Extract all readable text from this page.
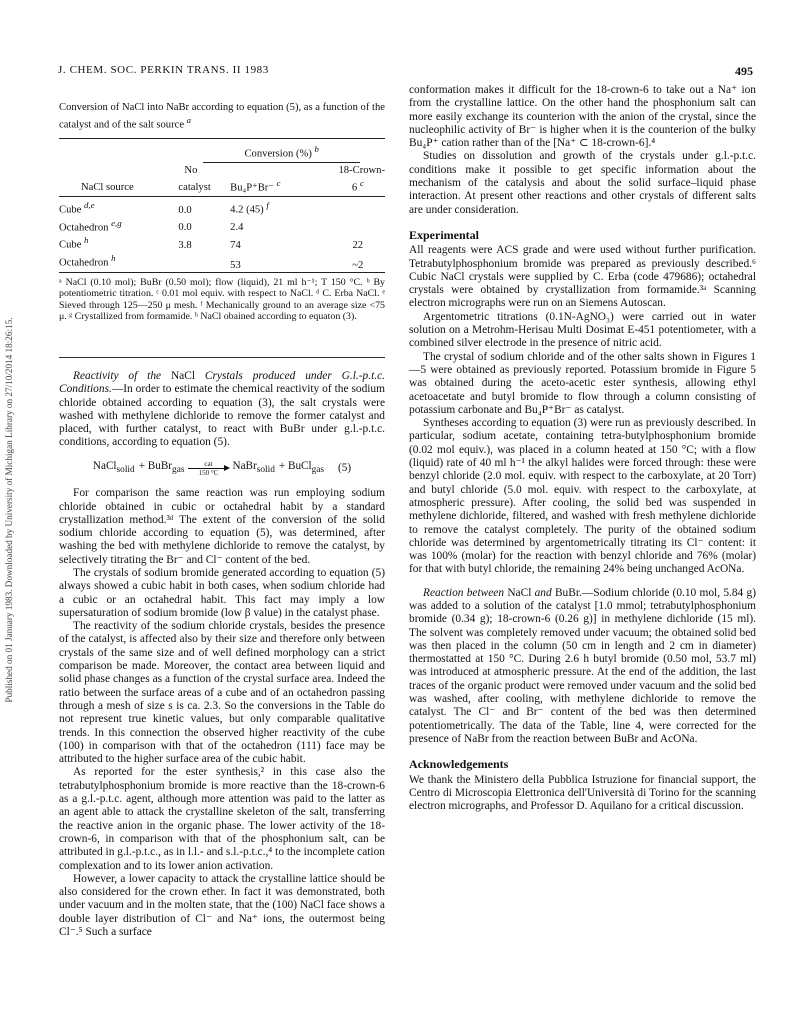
Published on 01 January 1983. Downloaded by University of Michigan Library on 27/10/2014 18:26:15.
J. CHEM. SOC. PERKIN TRANS. II 1983	495
Conversion of NaCl into NaBr according to equation (5), as a function of the catalyst and of the salt source $^a$
	Conversion (%) $^b$

	No		18-Crown-
NaCl source	catalyst	Bu₄P⁺Br⁻ $^c$	6 $^c$
Cube $^{d,e}$	0.0	4.2 (45) $^f$	
Octahedron $^{e,g}$	0.0	2.4	
Cube $^h$	3.8	74	22
Octahedron $^h$		53	~2
ᵃ NaCl (0.10 mol); BuBr (0.50 mol); flow (liquid), 21 ml h⁻¹; T 150 °C. ᵇ By potentiometric titration. ᶜ 0.01 mol equiv. with respect to NaCl. ᵈ C. Erba NaCl. ᵉ Sieved through 125—250 μ mesh. ᶠ Mechanically ground to an average size <75 μ. ᵍ Crystallized from formamide. ʰ NaCl obained according to equaton (3).

Reactivity of the NaCl Crystals produced under G.l.-p.t.c. Conditions.—In order to estimate the chemical reactivity of the sodium chloride obtained according to equation (3), the salt crystals were washed with methylene dichloride to remove the former catalyst and placed, with further catalyst, to react with BuBr under g.l.-p.t.c. conditions, according to equation (5).

NaCl$_{solid}$ + BuBr$_{gas}$
cat
150 °C
NaBr$_{solid}$ + BuCl$_{gas}$ (5)

For comparison the same reaction was run employing sodium chloride obtained in cubic or octahedral habit by a standard crystallization method.³ᵈ The extent of the conversion of the solid sodium chloride according to equation (5), was determined, after washing the bed with methylene dichloride to remove the catalyst, by selectively titrating the Br⁻ and Cl⁻ content of the bed.

The crystals of sodium bromide generated according to equation (5) always showed a cubic habit in both cases, when sodium chloride had a cubic or an octahedral habit. This fact may imply a low supersaturation of sodium bromide (low β value) in the catalyst phase.

The reactivity of the sodium chloride crystals, besides the presence of the catalyst, is affected also by their size and therefore only between crystals of the same size and of well defined morphology can a strict comparison be made. Moreover, the contact area between liquid and solid phase changes as a function of the crystal surface area. Indeed the ratio between the surface areas of a cube and of an octahedron passing through a mesh of size s is ca. 2.3. So the conversions in the Table do not represent true kinetic values, but only comparable qualitative trends. In this connection the observed higher reactivity of the cube (100) in comparison with that of the octahedron (111) face may be attributed to the higher surface area of the cubic habit.

As reported for the ester synthesis,² in this case also the tetrabutylphosphonium bromide is more reactive than the 18-crown-6 as a g.l.-p.t.c. agent, although more attention was paid to the latter as an agent able to attack the crystalline skeleton of the salt, transferring the reactive anion in the organic phase. The lower activity of the 18-crown-6, in comparison with that of the phosphonium salt, can be attributed in g.l.-p.t.c., as in l.l.- and s.l.-p.t.c.,⁴ to the incomplete cation complexation and to its lower anion activation.

However, a lower capacity to attack the crystalline lattice should be also considered for the crown ether. In fact it was demonstrated, both under vacuum and in the molten state, that the (100) NaCl face shows a double layer distribution of Cl⁻ and Na⁺ ions, the outermost being Cl⁻.⁵ Such a surface

conformation makes it difficult for the 18-crown-6 to take out a Na⁺ ion from the crystalline lattice. On the other hand the phosphonium salt can more easily exchange its counterion with the anion of the crystal, since the nucleophilic activity of Br⁻ is higher when it is the counterion of the bulky Bu₄P⁺ cation rather than of the [Na⁺ ⊂ 18-crown-6].⁴

Studies on dissolution and growth of the crystals under g.l.-p.t.c. conditions make it possible to get specific information about the mechanism of the catalysis and about the solid surface–liquid phase interaction. At present other reactions and other crystals of different salts are under consideration.

Experimental

All reagents were ACS grade and were used without further purification. Tetrabutylphosphonium bromide was prepared as previously described.⁶ Cubic NaCl crystals were supplied by C. Erba (code 479686); octahedral crystals were obtained by crystallization from formamide.³ᵃ Scanning electron micrographs were run on an Siemens Autoscan.

Argentometric titrations (0.1N-AgNO₃) were carried out in water solution on a Metrohm-Herisau Multi Dosimat E-451 potentiometer, with a combined silver electrode in the presence of nitric acid.

The crystal of sodium chloride and of the other salts shown in Figures 1—5 were obtained as previously reported. Potassium bromide in Figure 5 was obtained during the aceto-acetic ester synthesis, allowing ethyl acetoacetate and butyl bromide to flow through a column consisting of potassium carbonate and Bu₄P⁺Br⁻ as catalyst.

Syntheses according to equation (3) were run as previously described. In particular, sodium acetate, containing tetra-butylphosphonium bromide (0.02 mol equiv.), was placed in a column heated at 150 °C; with a flow (liquid) rate of 40 ml h⁻¹ the alkyl halides were forced through: these were benzyl chloride (2.0 mol. equiv. with respect to the carboxylate, at 20 Torr) and butyl chloride (5.0 mol. equiv. with respect to the carboxylate, at atmospheric pressure). After cooling, the solid bed was suspended in methylene dichloride, filtered, and washed with fresh methylene dichloride to remove the catalyst completely. The purity of the obtained sodium chloride was determined by argentometrically titrating its Cl⁻ content: it was 100% (molar) for the reaction with benzyl chloride and 76% (molar) for that with butyl chloride, the remaining 24% being unchanged AcONa.

Reaction between NaCl and BuBr.—Sodium chloride (0.10 mol, 5.84 g) was added to a solution of the catalyst [1.0 mmol; tetrabutylphosphonium bromide (0.34 g); 18-crown-6 (0.26 g)] in methylene dichloride (15 ml). The solvent was completely removed under vacuum; the obtained solid bed was then placed in the column (50 cm in length and 2 cm in diameter) thermostatted at 150 °C. During 2.6 h butyl bromide (0.50 mol, 53.7 ml) was introduced at atmospheric pressure. At the end of the addition, the last traces of the organic product were removed under vacuum and the solid bed was washed, after cooling, with methylene dichloride to remove the catalyst. The Cl⁻ and Br⁻ content of the bed was then determined potentiometrically. The data of the Table, line 4, were corrected for the presence of NaBr from the reaction between BuBr and AcONa.

Acknowledgements

We thank the Ministero della Pubblica Istruzione for financial support, the Centro di Microscopia Elettronica dell'Università di Torino for the scanning electron micrographs, and Professor D. Aquilano for a critical discussion.
